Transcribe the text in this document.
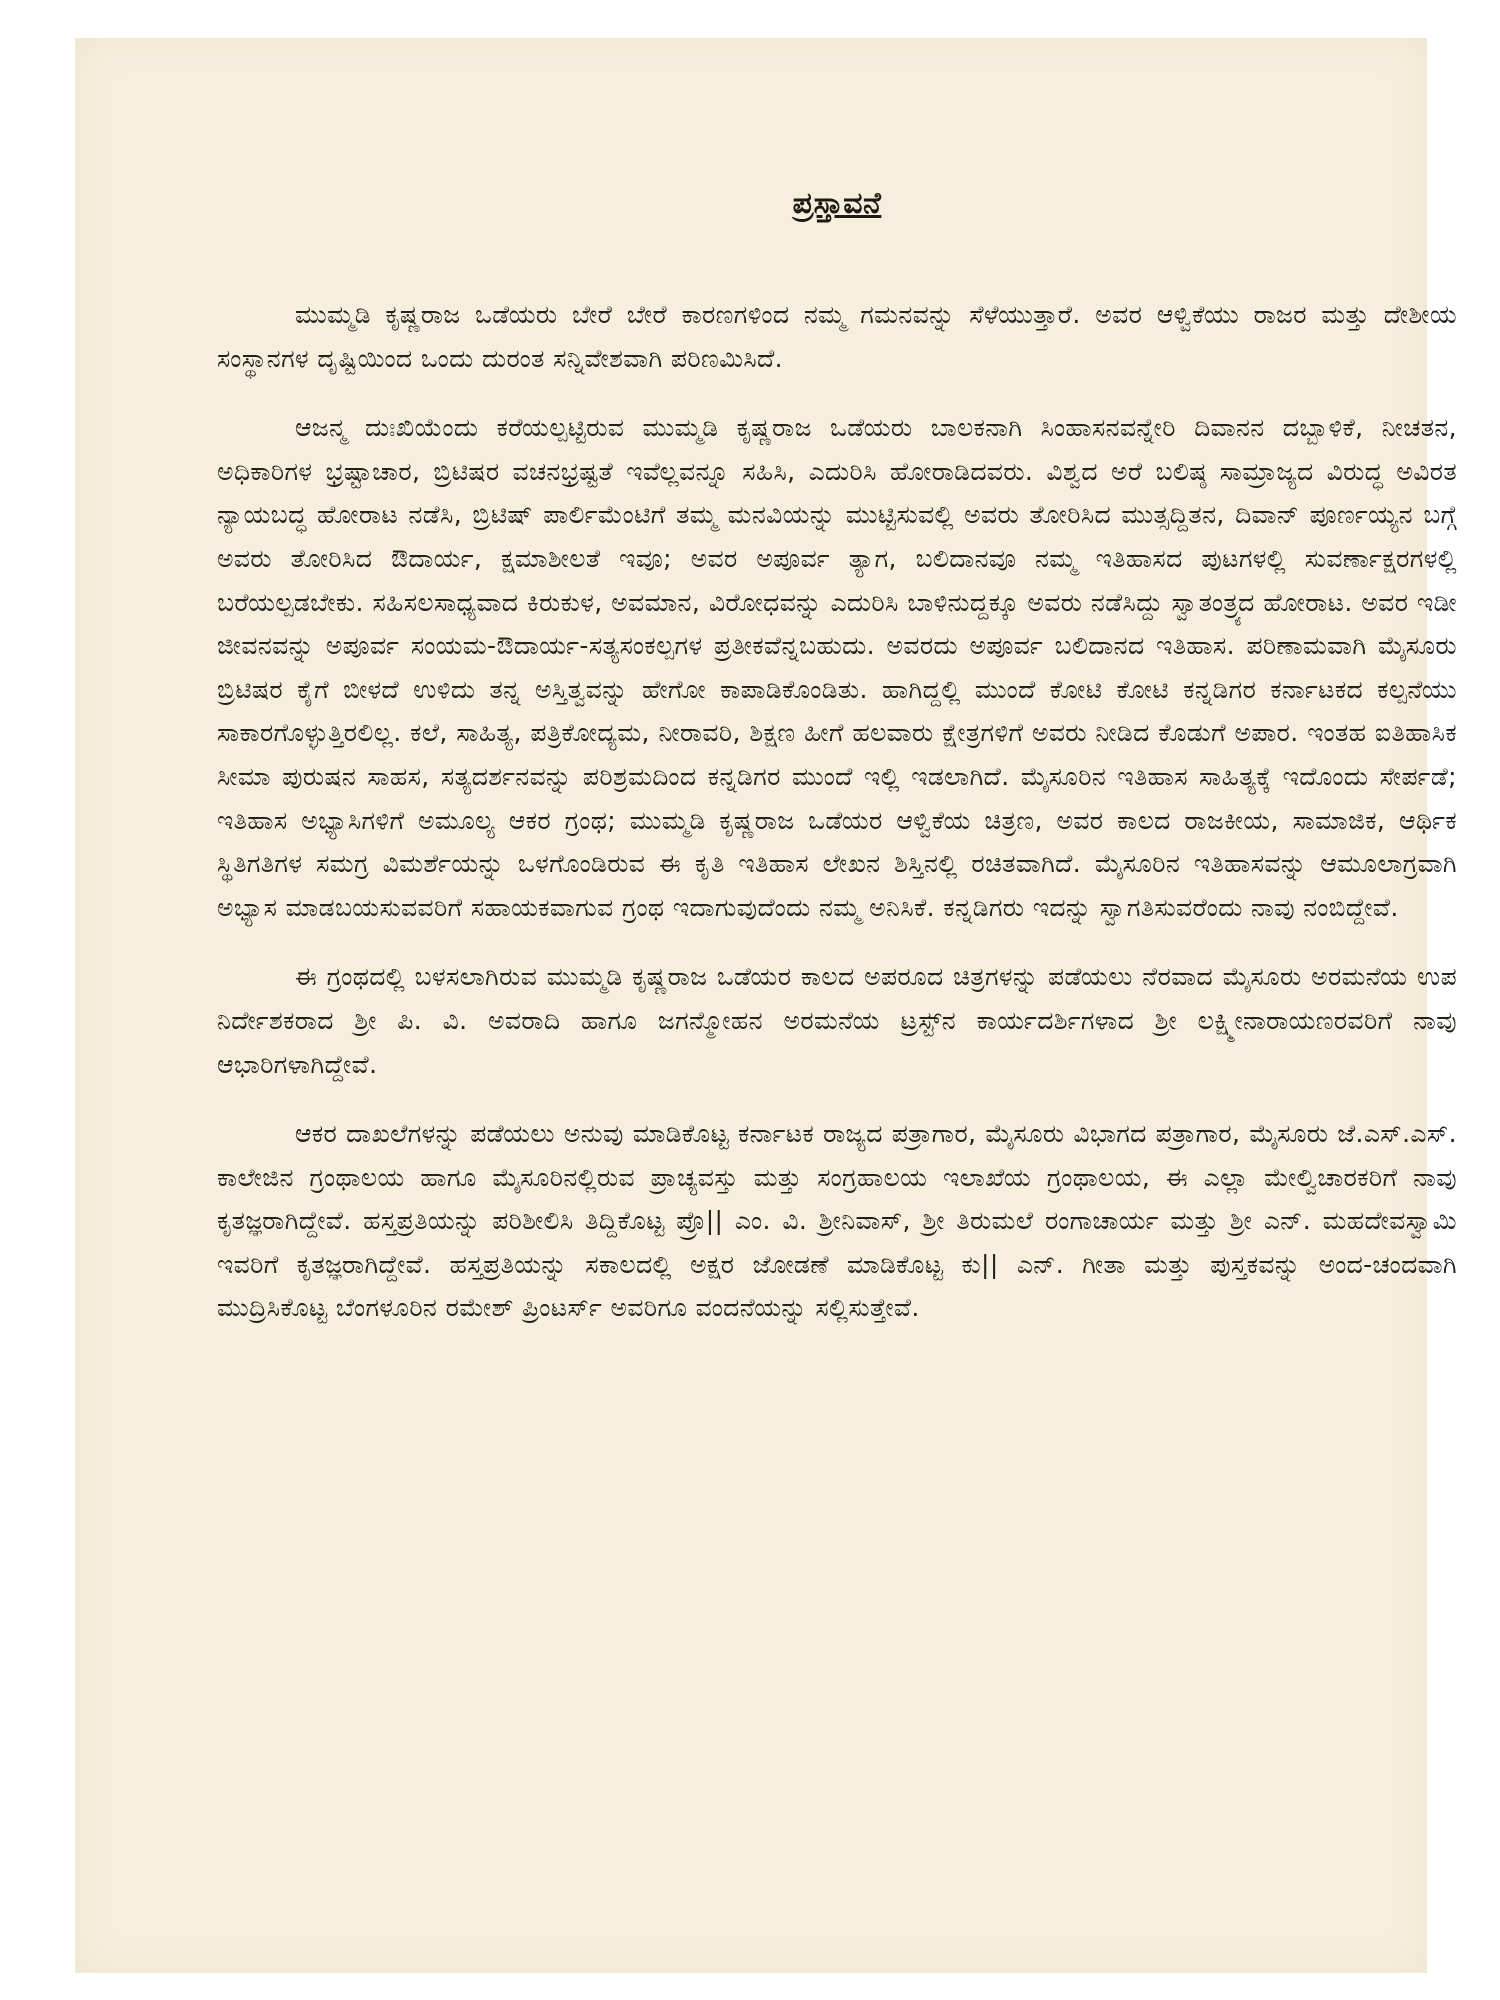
ಪ್ರಸ್ತಾವನೆ

ಮುಮ್ಮಡಿ ಕೃಷ್ಣರಾಜ ಒಡೆಯರು ಬೇರೆ ಬೇರೆ ಕಾರಣಗಳಿಂದ ನಮ್ಮ ಗಮನವನ್ನು ಸೆಳೆಯುತ್ತಾರೆ. ಅವರ ಆಳ್ವಿಕೆಯು ರಾಜರ ಮತ್ತು ದೇಶೀಯ ಸಂಸ್ಥಾನಗಳ ದೃಷ್ಟಿಯಿಂದ ಒಂದು ದುರಂತ ಸನ್ನಿವೇಶವಾಗಿ ಪರಿಣಮಿಸಿದೆ.

ಆಜನ್ಮ ದುಃಖಿಯೆಂದು ಕರೆಯಲ್ಪಟ್ಟಿರುವ ಮುಮ್ಮಡಿ ಕೃಷ್ಣರಾಜ ಒಡೆಯರು ಬಾಲಕನಾಗಿ ಸಿಂಹಾಸನವನ್ನೇರಿ ದಿವಾನನ ದಬ್ಬಾಳಿಕೆ, ನೀಚತನ, ಅಧಿಕಾರಿಗಳ ಭ್ರಷ್ಟಾಚಾರ, ಬ್ರಿಟಿಷರ ವಚನಭ್ರಷ್ಟತೆ ಇವೆಲ್ಲವನ್ನೂ ಸಹಿಸಿ, ಎದುರಿಸಿ ಹೋರಾಡಿದವರು. ವಿಶ್ವದ ಅರೆ ಬಲಿಷ್ಠ ಸಾಮ್ರಾಜ್ಯದ ವಿರುದ್ಧ ಅವಿರತ ನ್ಯಾಯಬದ್ಧ ಹೋರಾಟ ನಡೆಸಿ, ಬ್ರಿಟಿಷ್ ಪಾರ್ಲಿಮೆಂಟಿಗೆ ತಮ್ಮ ಮನವಿಯನ್ನು ಮುಟ್ಟಿಸುವಲ್ಲಿ ಅವರು ತೋರಿಸಿದ ಮುತ್ಸದ್ದಿತನ, ದಿವಾನ್ ಪೂರ್ಣಯ್ಯನ ಬಗ್ಗೆ ಅವರು ತೋರಿಸಿದ ಔದಾರ್ಯ, ಕ್ಷಮಾಶೀಲತೆ ಇವೂ; ಅವರ ಅಪೂರ್ವ ತ್ಯಾಗ, ಬಲಿದಾನವೂ ನಮ್ಮ ಇತಿಹಾಸದ ಪುಟಗಳಲ್ಲಿ ಸುವರ್ಣಾಕ್ಷರಗಳಲ್ಲಿ ಬರೆಯಲ್ಪಡಬೇಕು. ಸಹಿಸಲಸಾಧ್ಯವಾದ ಕಿರುಕುಳ, ಅವಮಾನ, ವಿರೋಧವನ್ನು ಎದುರಿಸಿ ಬಾಳಿನುದ್ದಕ್ಕೂ ಅವರು ನಡೆಸಿದ್ದು ಸ್ವಾತಂತ್ರ್ಯದ ಹೋರಾಟ. ಅವರ ಇಡೀ ಜೀವನವನ್ನು ಅಪೂರ್ವ ಸಂಯಮ-ಔದಾರ್ಯ-ಸತ್ಯಸಂಕಲ್ಪಗಳ ಪ್ರತೀಕವೆನ್ನಬಹುದು. ಅವರದು ಅಪೂರ್ವ ಬಲಿದಾನದ ಇತಿಹಾಸ. ಪರಿಣಾಮವಾಗಿ ಮೈಸೂರು ಬ್ರಿಟಿಷರ ಕೈಗೆ ಬೀಳದೆ ಉಳಿದು ತನ್ನ ಅಸ್ತಿತ್ವವನ್ನು ಹೇಗೋ ಕಾಪಾಡಿಕೊಂಡಿತು. ಹಾಗಿದ್ದಲ್ಲಿ ಮುಂದೆ ಕೋಟಿ ಕೋಟಿ ಕನ್ನಡಿಗರ ಕರ್ನಾಟಕದ ಕಲ್ಪನೆಯು ಸಾಕಾರಗೊಳ್ಳುತ್ತಿರಲಿಲ್ಲ. ಕಲೆ, ಸಾಹಿತ್ಯ, ಪತ್ರಿಕೋದ್ಯಮ, ನೀರಾವರಿ, ಶಿಕ್ಷಣ ಹೀಗೆ ಹಲವಾರು ಕ್ಷೇತ್ರಗಳಿಗೆ ಅವರು ನೀಡಿದ ಕೊಡುಗೆ ಅಪಾರ. ಇಂತಹ ಐತಿಹಾಸಿಕ ಸೀಮಾ ಪುರುಷನ ಸಾಹಸ, ಸತ್ಯದರ್ಶನವನ್ನು ಪರಿಶ್ರಮದಿಂದ ಕನ್ನಡಿಗರ ಮುಂದೆ ಇಲ್ಲಿ ಇಡಲಾಗಿದೆ. ಮೈಸೂರಿನ ಇತಿಹಾಸ ಸಾಹಿತ್ಯಕ್ಕೆ ಇದೊಂದು ಸೇರ್ಪಡೆ; ಇತಿಹಾಸ ಅಭ್ಯಾಸಿಗಳಿಗೆ ಅಮೂಲ್ಯ ಆಕರ ಗ್ರಂಥ; ಮುಮ್ಮಡಿ ಕೃಷ್ಣರಾಜ ಒಡೆಯರ ಆಳ್ವಿಕೆಯ ಚಿತ್ರಣ, ಅವರ ಕಾಲದ ರಾಜಕೀಯ, ಸಾಮಾಜಿಕ, ಆರ್ಥಿಕ ಸ್ಥಿತಿಗತಿಗಳ ಸಮಗ್ರ ವಿಮರ್ಶೆಯನ್ನು ಒಳಗೊಂಡಿರುವ ಈ ಕೃತಿ ಇತಿಹಾಸ ಲೇಖನ ಶಿಸ್ತಿನಲ್ಲಿ ರಚಿತವಾಗಿದೆ. ಮೈಸೂರಿನ ಇತಿಹಾಸವನ್ನು ಆಮೂಲಾಗ್ರವಾಗಿ ಅಭ್ಯಾಸ ಮಾಡಬಯಸುವವರಿಗೆ ಸಹಾಯಕವಾಗುವ ಗ್ರಂಥ ಇದಾಗುವುದೆಂದು ನಮ್ಮ ಅನಿಸಿಕೆ. ಕನ್ನಡಿಗರು ಇದನ್ನು ಸ್ವಾಗತಿಸುವರೆಂದು ನಾವು ನಂಬಿದ್ದೇವೆ.

ಈ ಗ್ರಂಥದಲ್ಲಿ ಬಳಸಲಾಗಿರುವ ಮುಮ್ಮಡಿ ಕೃಷ್ಣರಾಜ ಒಡೆಯರ ಕಾಲದ ಅಪರೂದ ಚಿತ್ರಗಳನ್ನು ಪಡೆಯಲು ನೆರವಾದ ಮೈಸೂರು ಅರಮನೆಯ ಉಪ ನಿರ್ದೇಶಕರಾದ ಶ್ರೀ ಪಿ. ವಿ. ಅವರಾದಿ ಹಾಗೂ ಜಗನ್ಮೋಹನ ಅರಮನೆಯ ಟ್ರಸ್ಟ್‌ನ ಕಾರ್ಯದರ್ಶಿಗಳಾದ ಶ್ರೀ ಲಕ್ಷ್ಮೀನಾರಾಯಣರವರಿಗೆ ನಾವು ಆಭಾರಿಗಳಾಗಿದ್ದೇವೆ.

ಆಕರ ದಾಖಲೆಗಳನ್ನು ಪಡೆಯಲು ಅನುವು ಮಾಡಿಕೊಟ್ಟ ಕರ್ನಾಟಕ ರಾಜ್ಯದ ಪತ್ರಾಗಾರ, ಮೈಸೂರು ವಿಭಾಗದ ಪತ್ರಾಗಾರ, ಮೈಸೂರು ಜೆ.ಎಸ್.ಎಸ್. ಕಾಲೇಜಿನ ಗ್ರಂಥಾಲಯ ಹಾಗೂ ಮೈಸೂರಿನಲ್ಲಿರುವ ಪ್ರಾಚ್ಯವಸ್ತು ಮತ್ತು ಸಂಗ್ರಹಾಲಯ ಇಲಾಖೆಯ ಗ್ರಂಥಾಲಯ, ಈ ಎಲ್ಲಾ ಮೇಲ್ವಿಚಾರಕರಿಗೆ ನಾವು ಕೃತಜ್ಞರಾಗಿದ್ದೇವೆ. ಹಸ್ತಪ್ರತಿಯನ್ನು ಪರಿಶೀಲಿಸಿ ತಿದ್ದಿಕೊಟ್ಟ ಪ್ರೊ|| ಎಂ. ವಿ. ಶ್ರೀನಿವಾಸ್, ಶ್ರೀ ತಿರುಮಲೆ ರಂಗಾಚಾರ್ಯ ಮತ್ತು ಶ್ರೀ ಎನ್. ಮಹದೇವಸ್ವಾಮಿ ಇವರಿಗೆ ಕೃತಜ್ಞರಾಗಿದ್ದೇವೆ. ಹಸ್ತಪ್ರತಿಯನ್ನು ಸಕಾಲದಲ್ಲಿ ಅಕ್ಷರ ಜೋಡಣೆ ಮಾಡಿಕೊಟ್ಟ ಕು|| ಎನ್. ಗೀತಾ ಮತ್ತು ಪುಸ್ತಕವನ್ನು ಅಂದ-ಚಂದವಾಗಿ ಮುದ್ರಿಸಿಕೊಟ್ಟ ಬೆಂಗಳೂರಿನ ರಮೇಶ್ ಪ್ರಿಂಟರ್ಸ್ ಅವರಿಗೂ ವಂದನೆಯನ್ನು ಸಲ್ಲಿಸುತ್ತೇವೆ.
